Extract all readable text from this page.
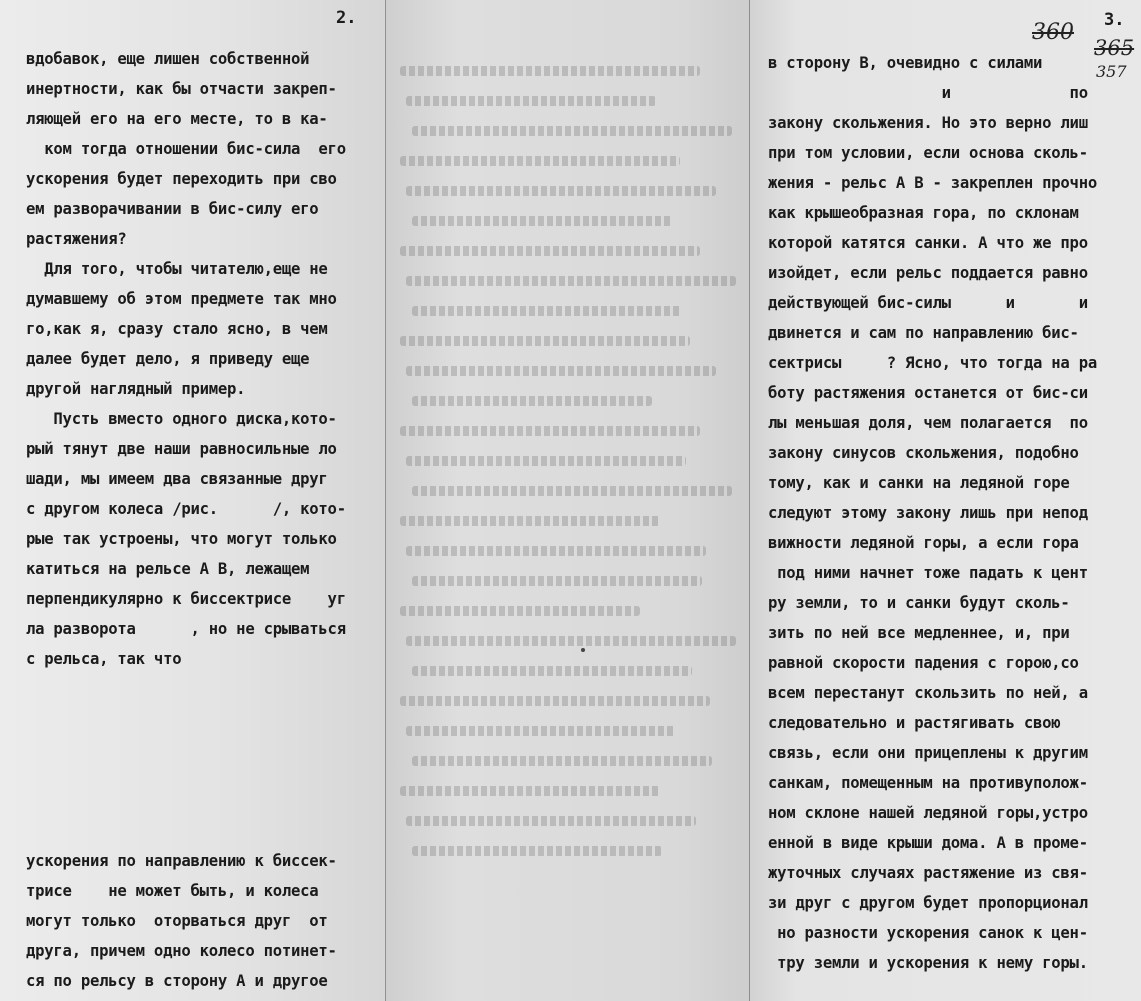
2.

вдобавок, еще лишен собственной
инертности, как бы отчасти закреп-
ляющей его на его месте, то в ка-
ком тогда отношении бис-сила  его
ускорения будет переходить при сво
ем разворачивании в бис-силу его
растяжения?
Для того, чтобы читателю,еще не
думавшему об этом предмете так мно
го,как я, сразу стало ясно, в чем
далее будет дело, я приведу еще
другой наглядный пример.
Пусть вместо одного диска,кото-
рый тянут две наши равносильные ло
шади, мы имеем два связанные друг
с другом колеса /рис.      /, кото-
рые так устроены, что могут только
катиться на рельсе А В, лежащем
перпендикулярно к биссектрисе    уг
ла разворота      , но не срываться
с рельса, так что
ускорения по направлению к биссек-
трисе    не может быть, и колеса
могут только  оторваться друг  от
друга, причем одно колесо потинет-
ся по рельсу в сторону А и другое

3.

360

365

357

в сторону В, очевидно с силами
и             по
закону скольжения. Но это верно лиш
при том условии, если основа сколь-
жения - рельс А В - закреплен прочно
как крышеобразная гора, по склонам
которой катятся санки. А что же про
изойдет, если рельс поддается равно
действующей бис-силы      и       и
двинется и сам по направлению бис-
сектрисы     ? Ясно, что тогда на ра
боту растяжения останется от бис-си
лы меньшая доля, чем полагается  по
закону синусов скольжения, подобно
тому, как и санки на ледяной горе
следуют этому закону лишь при непод
вижности ледяной горы, а если гора
под ними начнет тоже падать к цент
ру земли, то и санки будут сколь-
зить по ней все медленнее, и, при
равной скорости падения с горою,со
всем перестанут скользить по ней, а
следовательно и растягивать свою
связь, если они прицеплены к другим
санкам, помещенным на противуполож-
ном склоне нашей ледяной горы,устро
енной в виде крыши дома. А в проме-
жуточных случаях растяжение из свя-
зи друг с другом будет пропорционал
но разности ускорения санок к цен-
тру земли и ускорения к нему горы.
